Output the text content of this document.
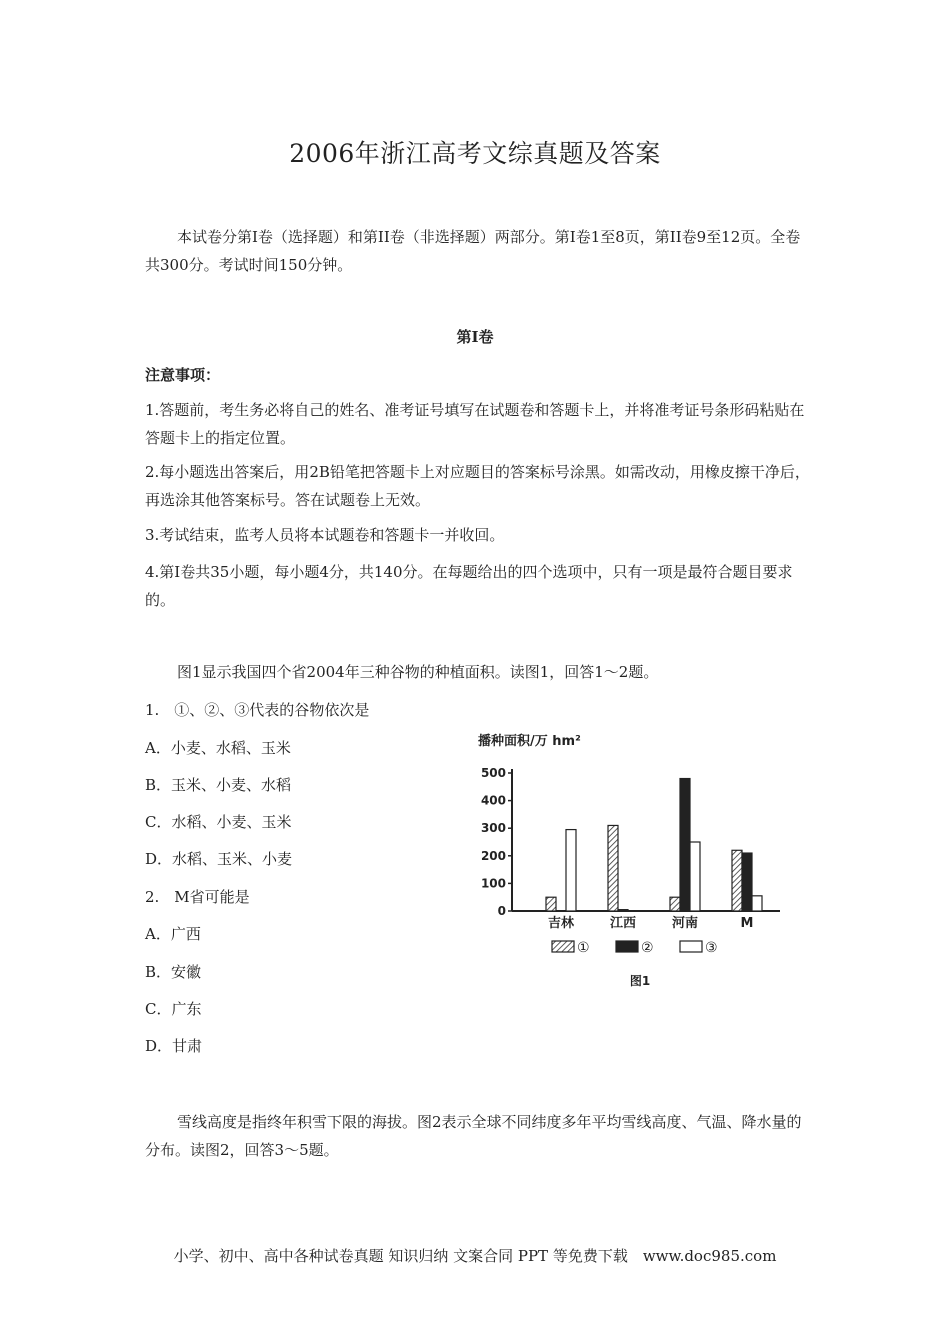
2006年浙江高考文综真题及答案
本试卷分第I卷（选择题）和第II卷（非选择题）两部分。第I卷1至8页，第II卷9至12页。全卷共300分。考试时间150分钟。
第I卷
注意事项：
1.答题前，考生务必将自己的姓名、准考证号填写在试题卷和答题卡上，并将准考证号条形码粘贴在答题卡上的指定位置。
2.每小题选出答案后，用2B铅笔把答题卡上对应题目的答案标号涂黑。如需改动，用橡皮擦干净后，再选涂其他答案标号。答在试题卷上无效。
3.考试结束，监考人员将本试题卷和答题卡一并收回。
4.第I卷共35小题，每小题4分，共140分。在每题给出的四个选项中，只有一项是最符合题目要求的。
图1显示我国四个省2004年三种谷物的种植面积。读图1，回答1～2题。
1.　①、②、③代表的谷物依次是
A．小麦、水稻、玉米
B．玉米、小麦、水稻
C．水稻、小麦、玉米
D．水稻、玉米、小麦
2.　M省可能是
A．广西
B．安徽
C．广东
D．甘肃
播种面积/万 hm²
0
100
200
300
400
500
吉林	江西	河南	M
①	②	③
图1
雪线高度是指终年积雪下限的海拔。图2表示全球不同纬度多年平均雪线高度、气温、降水量的分布。读图2，回答3～5题。
小学、初中、高中各种试卷真题 知识归纳 文案合同 PPT 等免费下载　www.doc985.com
